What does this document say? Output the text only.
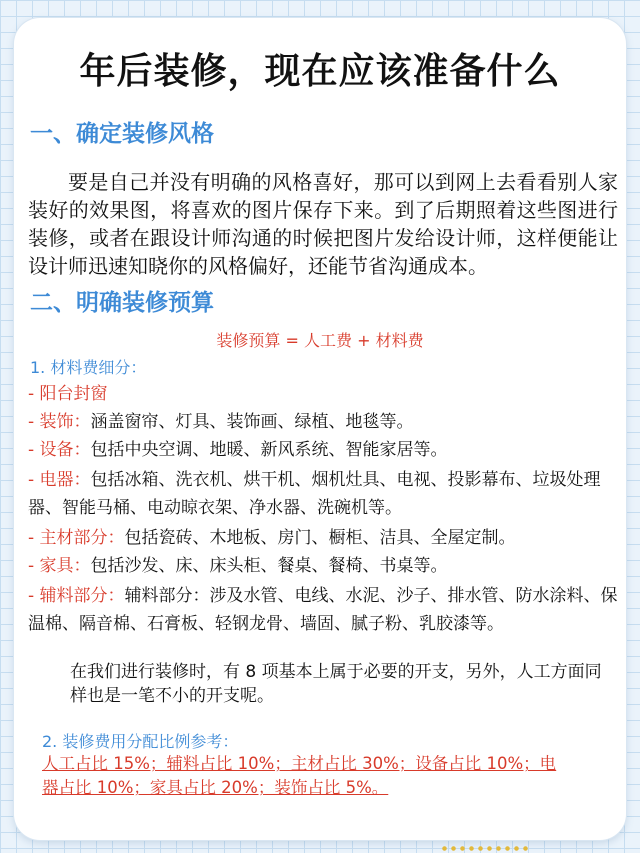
年后装修，现在应该准备什么
一、确定装修风格
要是自己并没有明确的风格喜好，那可以到网上去看看别人家装好的效果图，将喜欢的图片保存下来。到了后期照着这些图进行装修，或者在跟设计师沟通的时候把图片发给设计师，这样便能让设计师迅速知晓你的风格偏好，还能节省沟通成本。
二、明确装修预算
装修预算 = 人工费 + 材料费
1. 材料费细分：

- 阳台封窗

- 装饰：涵盖窗帘、灯具、装饰画、绿植、地毯等。

- 设备：包括中央空调、地暖、新风系统、智能家居等。

- 电器：包括冰箱、洗衣机、烘干机、烟机灶具、电视、投影幕布、垃圾处理器、智能马桶、电动晾衣架、净水器、洗碗机等。

- 主材部分：包括瓷砖、木地板、房门、橱柜、洁具、全屋定制。

- 家具：包括沙发、床、床头柜、餐桌、餐椅、书桌等。

- 辅料部分：辅料部分：涉及水管、电线、水泥、沙子、排水管、防水涂料、保温棉、隔音棉、石膏板、轻钢龙骨、墙固、腻子粉、乳胶漆等。

在我们进行装修时，有 8 项基本上属于必要的开支，另外，人工方面同样也是一笔不小的开支呢。
2. 装修费用分配比例参考：
人工占比 15%；辅料占比 10%；主材占比 30%；设备占比 10%；电器占比 10%；家具占比 20%；装饰占比 5%。
